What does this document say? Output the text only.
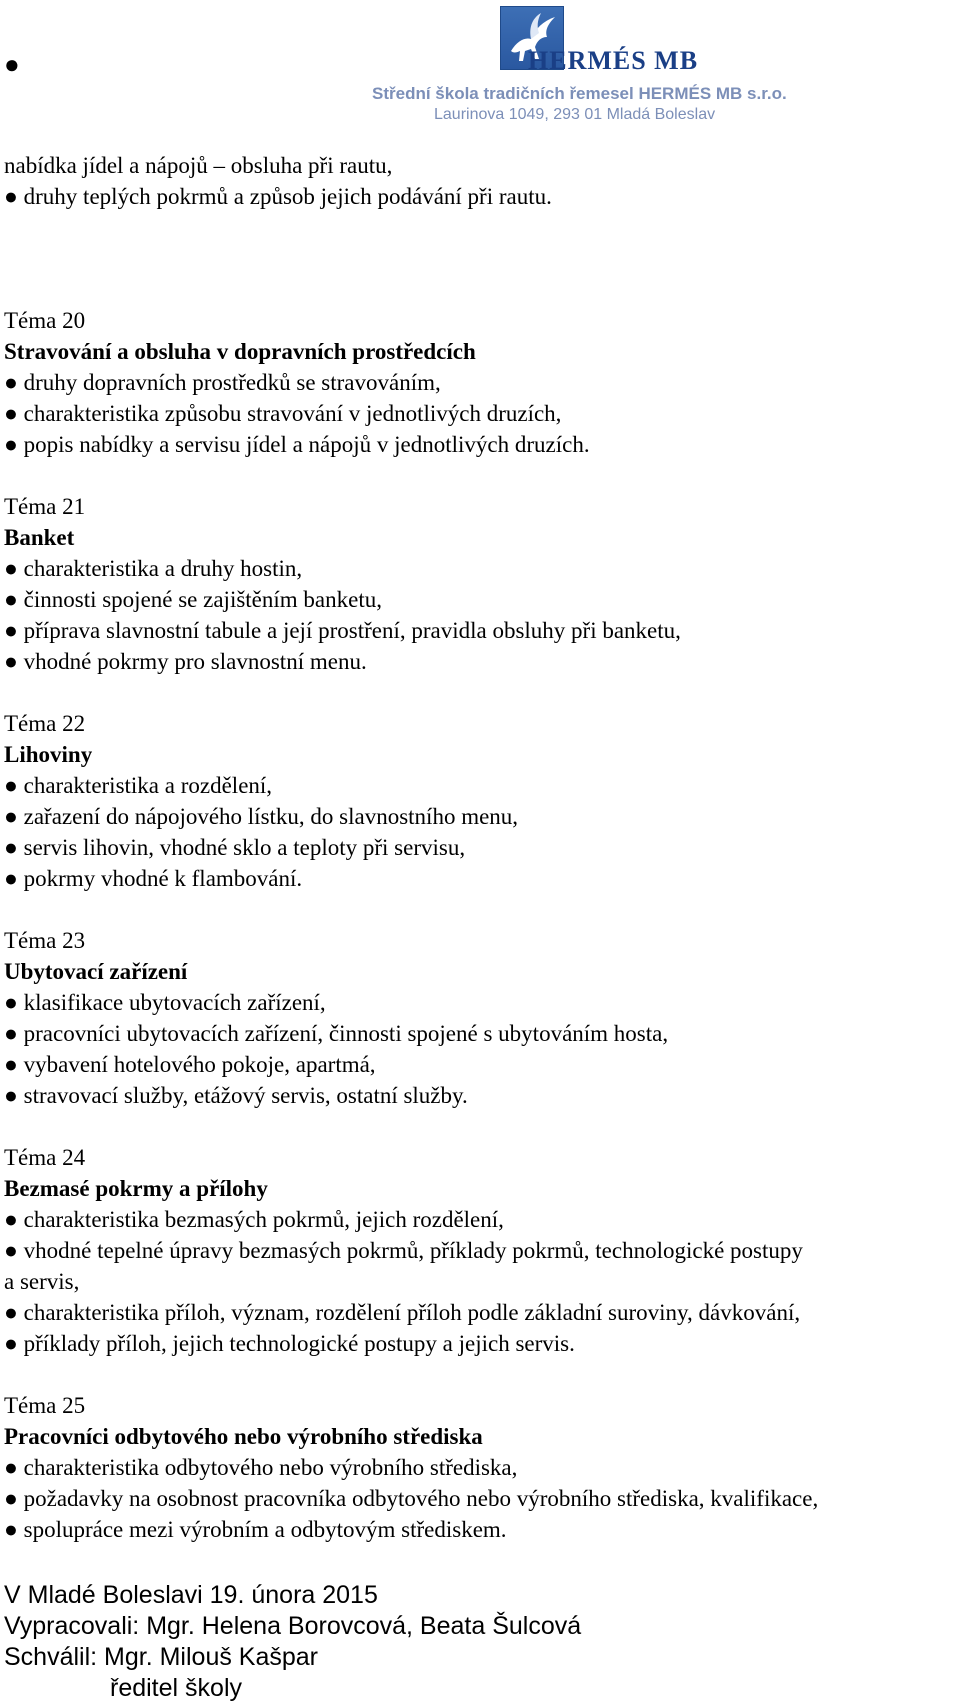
●	HERMÉS MB
Střední škola tradičních řemesel HERMÉS MB s.r.o.
Laurinova 1049, 293 01 Mladá Boleslav
nabídka jídel a nápojů – obsluha při rautu,
● druhy teplých pokrmů a způsob jejich podávání při rautu.
Téma 20
Stravování a obsluha v dopravních prostředcích
● druhy dopravních prostředků se stravováním,
● charakteristika způsobu stravování v jednotlivých druzích,
● popis nabídky a servisu jídel a nápojů v jednotlivých druzích.
Téma 21
Banket
● charakteristika a druhy hostin,
● činnosti spojené se zajištěním banketu,
● příprava slavnostní tabule a její prostření, pravidla obsluhy při banketu,
● vhodné pokrmy pro slavnostní menu.
Téma 22
Lihoviny
● charakteristika a rozdělení,
● zařazení do nápojového lístku, do slavnostního menu,
● servis lihovin, vhodné sklo a teploty při servisu,
● pokrmy vhodné k flambování.
Téma 23
Ubytovací zařízení
● klasifikace ubytovacích zařízení,
● pracovníci ubytovacích zařízení, činnosti spojené s ubytováním hosta,
● vybavení hotelového pokoje, apartmá,
● stravovací služby, etážový servis, ostatní služby.
Téma 24
Bezmasé pokrmy a přílohy
● charakteristika bezmasých pokrmů, jejich rozdělení,
● vhodné tepelné úpravy bezmasých pokrmů, příklady pokrmů, technologické postupy
a servis,
● charakteristika příloh, význam, rozdělení příloh podle základní suroviny, dávkování,
● příklady příloh, jejich technologické postupy a jejich servis.
Téma 25
Pracovníci odbytového nebo výrobního střediska
● charakteristika odbytového nebo výrobního střediska,
● požadavky na osobnost pracovníka odbytového nebo výrobního střediska, kvalifikace,
● spolupráce mezi výrobním a odbytovým střediskem.
V Mladé Boleslavi 19. února 2015
Vypracovali: Mgr. Helena Borovcová, Beata Šulcová
Schválil: Mgr. Milouš Kašpar
ředitel školy
